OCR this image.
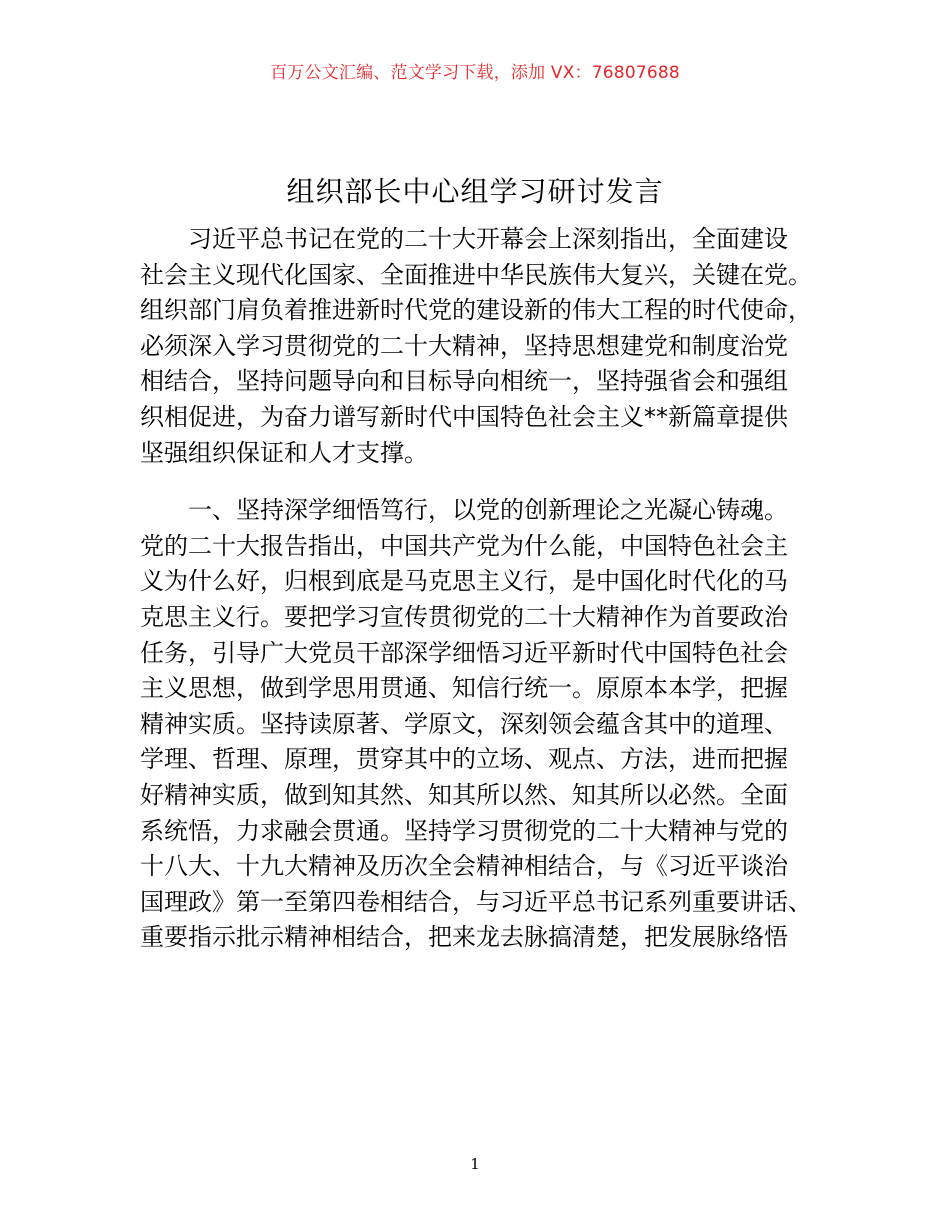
百万公文汇编、范文学习下载，添加 VX：76807688
组织部长中心组学习研讨发言
习近平总书记在党的二十大开幕会上深刻指出，全面建设
社会主义现代化国家、全面推进中华民族伟大复兴，关键在党。
组织部门肩负着推进新时代党的建设新的伟大工程的时代使命，
必须深入学习贯彻党的二十大精神，坚持思想建党和制度治党
相结合，坚持问题导向和目标导向相统一，坚持强省会和强组
织相促进，为奋力谱写新时代中国特色社会主义**新篇章提供
坚强组织保证和人才支撑。
一、坚持深学细悟笃行，以党的创新理论之光凝心铸魂。
党的二十大报告指出，中国共产党为什么能，中国特色社会主
义为什么好，归根到底是马克思主义行，是中国化时代化的马
克思主义行。要把学习宣传贯彻党的二十大精神作为首要政治
任务，引导广大党员干部深学细悟习近平新时代中国特色社会
主义思想，做到学思用贯通、知信行统一。原原本本学，把握
精神实质。坚持读原著、学原文，深刻领会蕴含其中的道理、
学理、哲理、原理，贯穿其中的立场、观点、方法，进而把握
好精神实质，做到知其然、知其所以然、知其所以必然。全面
系统悟，力求融会贯通。坚持学习贯彻党的二十大精神与党的
十八大、十九大精神及历次全会精神相结合，与《习近平谈治
国理政》第一至第四卷相结合，与习近平总书记系列重要讲话、
重要指示批示精神相结合，把来龙去脉搞清楚，把发展脉络悟
1
